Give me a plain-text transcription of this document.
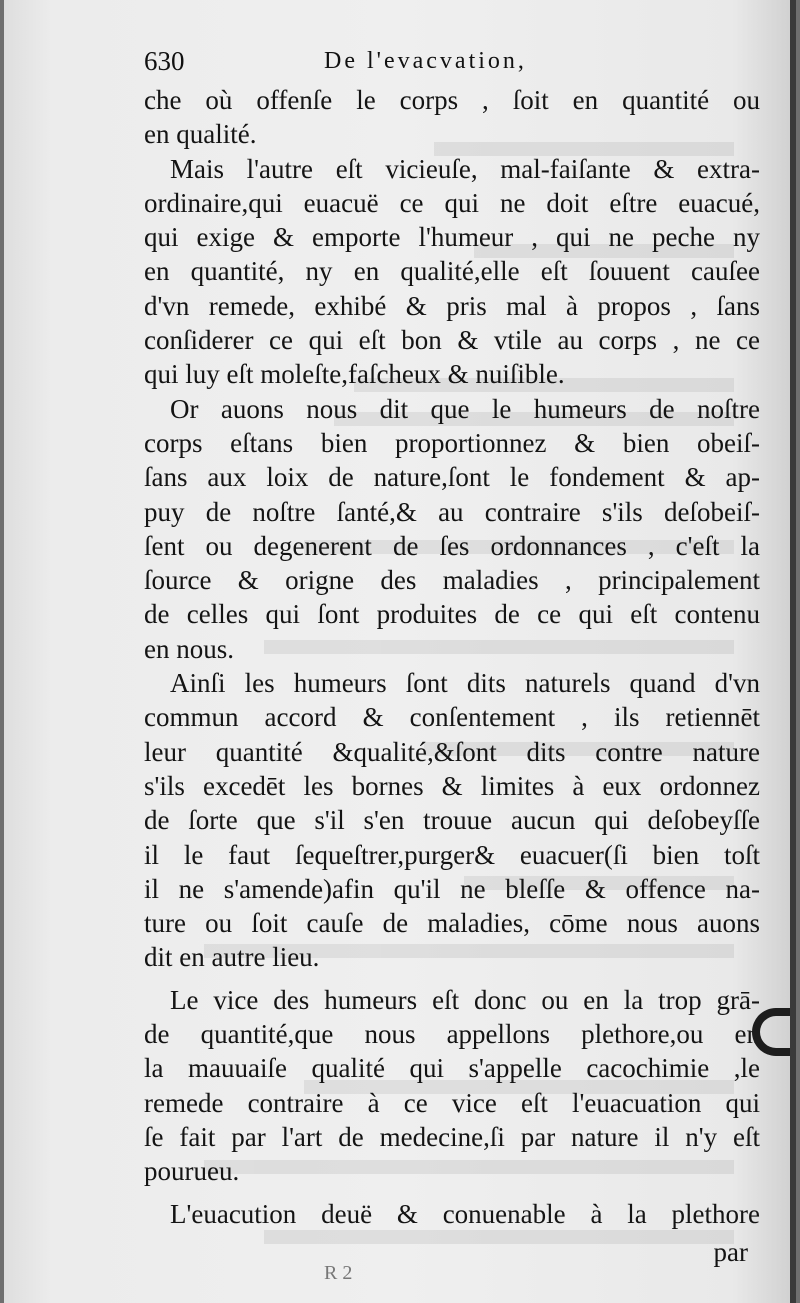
630	De l'evacvation,
che où offenſe le corps , ſoit en quantité ou
en qualité.
Mais l'autre eſt vicieuſe, mal-faiſante & extra-
ordinaire,qui euacuë ce qui ne doit eſtre euacué,
qui exige & emporte l'humeur , qui ne peche ny
en quantité, ny en qualité,elle eſt ſouuent cauſee
d'vn remede, exhibé & pris mal à propos , ſans
conſiderer ce qui eſt bon & vtile au corps , ne ce
qui luy eſt moleſte,faſcheux & nuiſible.
Or auons nous dit que le humeurs de noſtre
corps eſtans bien proportionnez & bien obeiſ-
ſans aux loix de nature,ſont le fondement & ap-
puy de noſtre ſanté,& au contraire s'ils deſobeiſ-
ſent ou degenerent de ſes ordonnances , c'eſt la
ſource & origne des maladies , principalement
de celles qui ſont produites de ce qui eſt contenu
en nous.
Ainſi les humeurs ſont dits naturels quand d'vn
commun accord & conſentement , ils retiennēt
leur quantité &qualité,&ſont dits contre nature
s'ils excedēt les bornes & limites à eux ordonnez
de ſorte que s'il s'en trouue aucun qui deſobeyſſe
il le faut ſequeſtrer,purger& euacuer(ſi bien toſt
il ne s'amende)afin qu'il ne bleſſe & offence na-
ture ou ſoit cauſe de maladies, cōme nous auons
dit en autre lieu.
Le vice des humeurs eſt donc ou en la trop grā-
de quantité,que nous appellons plethore,ou en
la mauuaiſe qualité qui s'appelle cacochimie ,le
remede contraire à ce vice eſt l'euacuation qui
ſe fait par l'art de medecine,ſi par nature il n'y eſt
pourueu.
L'euacution deuë & conuenable à la plethore
par
R 2
